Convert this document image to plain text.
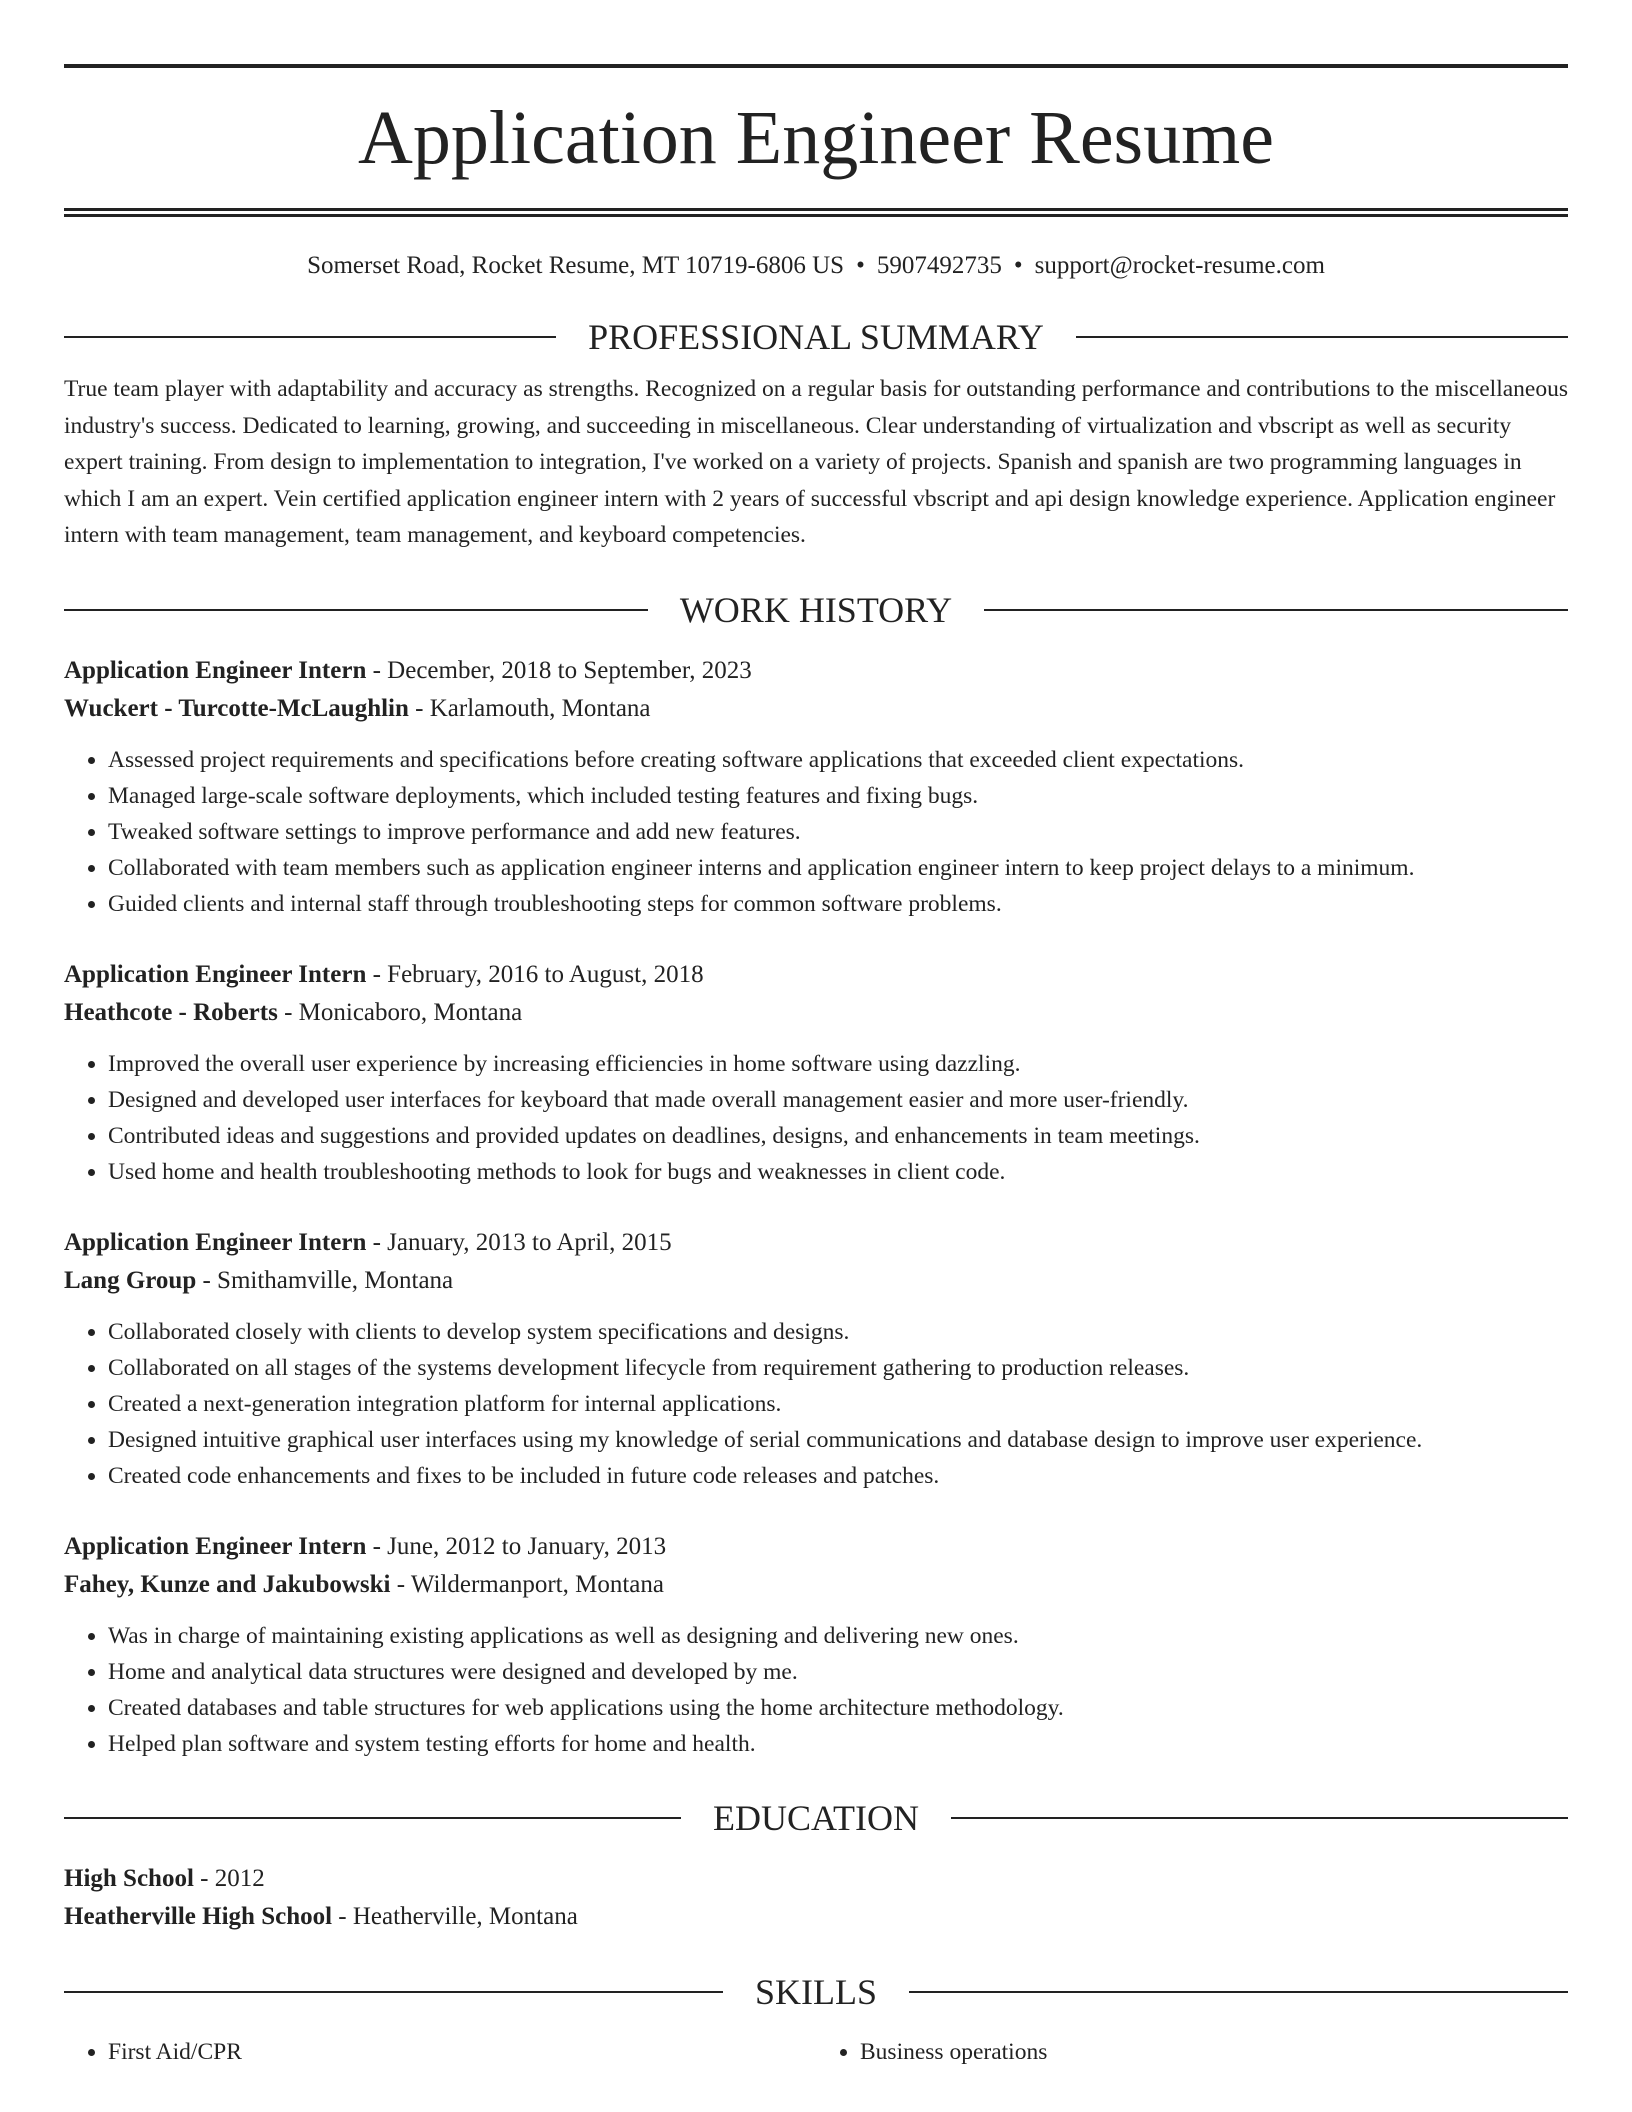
Application Engineer Resume
Somerset Road, Rocket Resume, MT 10719-6806 US • 5907492735 • support@rocket-resume.com
PROFESSIONAL SUMMARY
True team player with adaptability and accuracy as strengths. Recognized on a regular basis for outstanding performance and contributions to the miscellaneous industry's success. Dedicated to learning, growing, and succeeding in miscellaneous. Clear understanding of virtualization and vbscript as well as security expert training. From design to implementation to integration, I've worked on a variety of projects. Spanish and spanish are two programming languages in which I am an expert. Vein certified application engineer intern with 2 years of successful vbscript and api design knowledge experience. Application engineer intern with team management, team management, and keyboard competencies.
WORK HISTORY
Application Engineer Intern - December, 2018 to September, 2023
Wuckert - Turcotte-McLaughlin - Karlamouth, Montana
• Assessed project requirements and specifications before creating software applications that exceeded client expectations.
• Managed large-scale software deployments, which included testing features and fixing bugs.
• Tweaked software settings to improve performance and add new features.
• Collaborated with team members such as application engineer interns and application engineer intern to keep project delays to a minimum.
• Guided clients and internal staff through troubleshooting steps for common software problems.
Application Engineer Intern - February, 2016 to August, 2018
Heathcote - Roberts - Monicaboro, Montana
• Improved the overall user experience by increasing efficiencies in home software using dazzling.
• Designed and developed user interfaces for keyboard that made overall management easier and more user-friendly.
• Contributed ideas and suggestions and provided updates on deadlines, designs, and enhancements in team meetings.
• Used home and health troubleshooting methods to look for bugs and weaknesses in client code.
Application Engineer Intern - January, 2013 to April, 2015
Lang Group - Smithamville, Montana
• Collaborated closely with clients to develop system specifications and designs.
• Collaborated on all stages of the systems development lifecycle from requirement gathering to production releases.
• Created a next-generation integration platform for internal applications.
• Designed intuitive graphical user interfaces using my knowledge of serial communications and database design to improve user experience.
• Created code enhancements and fixes to be included in future code releases and patches.
Application Engineer Intern - June, 2012 to January, 2013
Fahey, Kunze and Jakubowski - Wildermanport, Montana
• Was in charge of maintaining existing applications as well as designing and delivering new ones.
• Home and analytical data structures were designed and developed by me.
• Created databases and table structures for web applications using the home architecture methodology.
• Helped plan software and system testing efforts for home and health.
EDUCATION
High School - 2012
Heatherville High School - Heatherville, Montana
SKILLS
• First Aid/CPR
•	Business operations
